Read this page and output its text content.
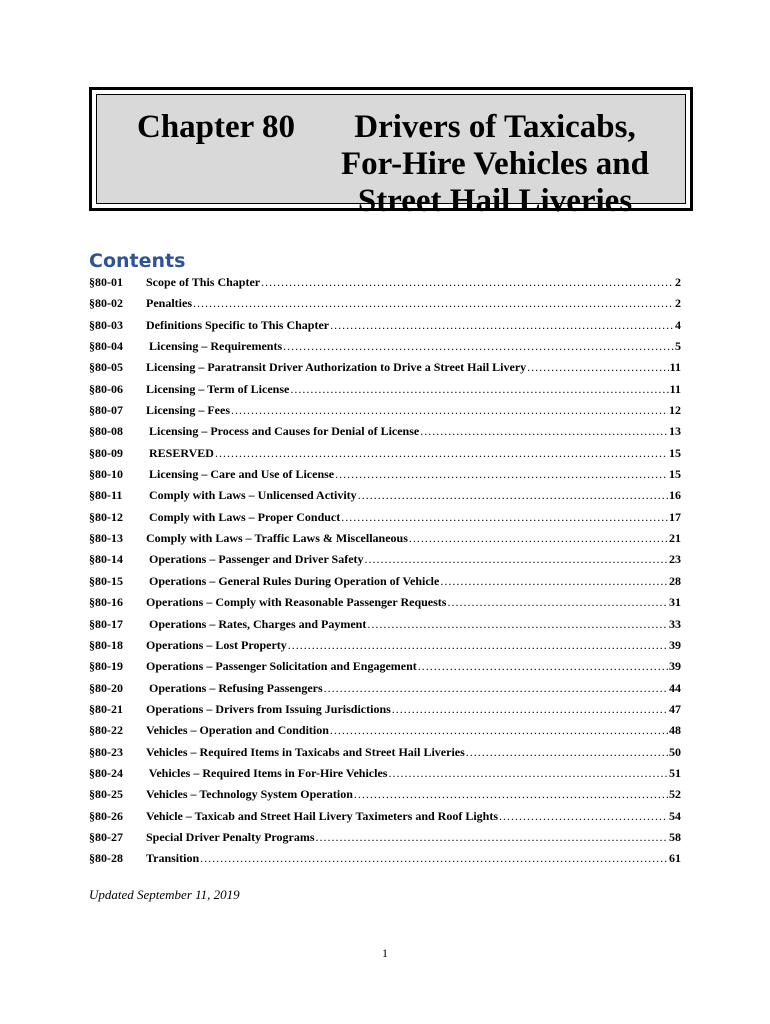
Chapter 80	Drivers of Taxicabs, For-Hire Vehicles and Street Hail Liveries
Contents
§80-01	Scope of This Chapter .....	2
§80-02	Penalties .....	2
§80-03	Definitions Specific to This Chapter .....	4
§80-04	Licensing – Requirements .....	5
§80-05	Licensing – Paratransit Driver Authorization to Drive a Street Hail Livery .....	11
§80-06	Licensing – Term of License .....	11
§80-07	Licensing – Fees .....	12
§80-08	Licensing – Process and Causes for Denial of License .....	13
§80-09	RESERVED .....	15
§80-10	Licensing – Care and Use of License .....	15
§80-11	Comply with Laws – Unlicensed Activity .....	16
§80-12	Comply with Laws – Proper Conduct .....	17
§80-13	Comply with Laws – Traffic Laws & Miscellaneous .....	21
§80-14	Operations – Passenger and Driver Safety .....	23
§80-15	Operations – General Rules During Operation of Vehicle .....	28
§80-16	Operations – Comply with Reasonable Passenger Requests .....	31
§80-17	Operations – Rates, Charges and Payment .....	33
§80-18	Operations – Lost Property .....	39
§80-19	Operations – Passenger Solicitation and Engagement .....	39
§80-20	Operations – Refusing Passengers .....	44
§80-21	Operations – Drivers from Issuing Jurisdictions .....	47
§80-22	Vehicles – Operation and Condition .....	48
§80-23	Vehicles – Required Items in Taxicabs and Street Hail Liveries .....	50
§80-24	Vehicles – Required Items in For-Hire Vehicles .....	51
§80-25	Vehicles – Technology System Operation .....	52
§80-26	Vehicle – Taxicab and Street Hail Livery Taximeters and Roof Lights .....	54
§80-27	Special Driver Penalty Programs .....	58
§80-28	Transition .....	61

Updated September 11, 2019

1
